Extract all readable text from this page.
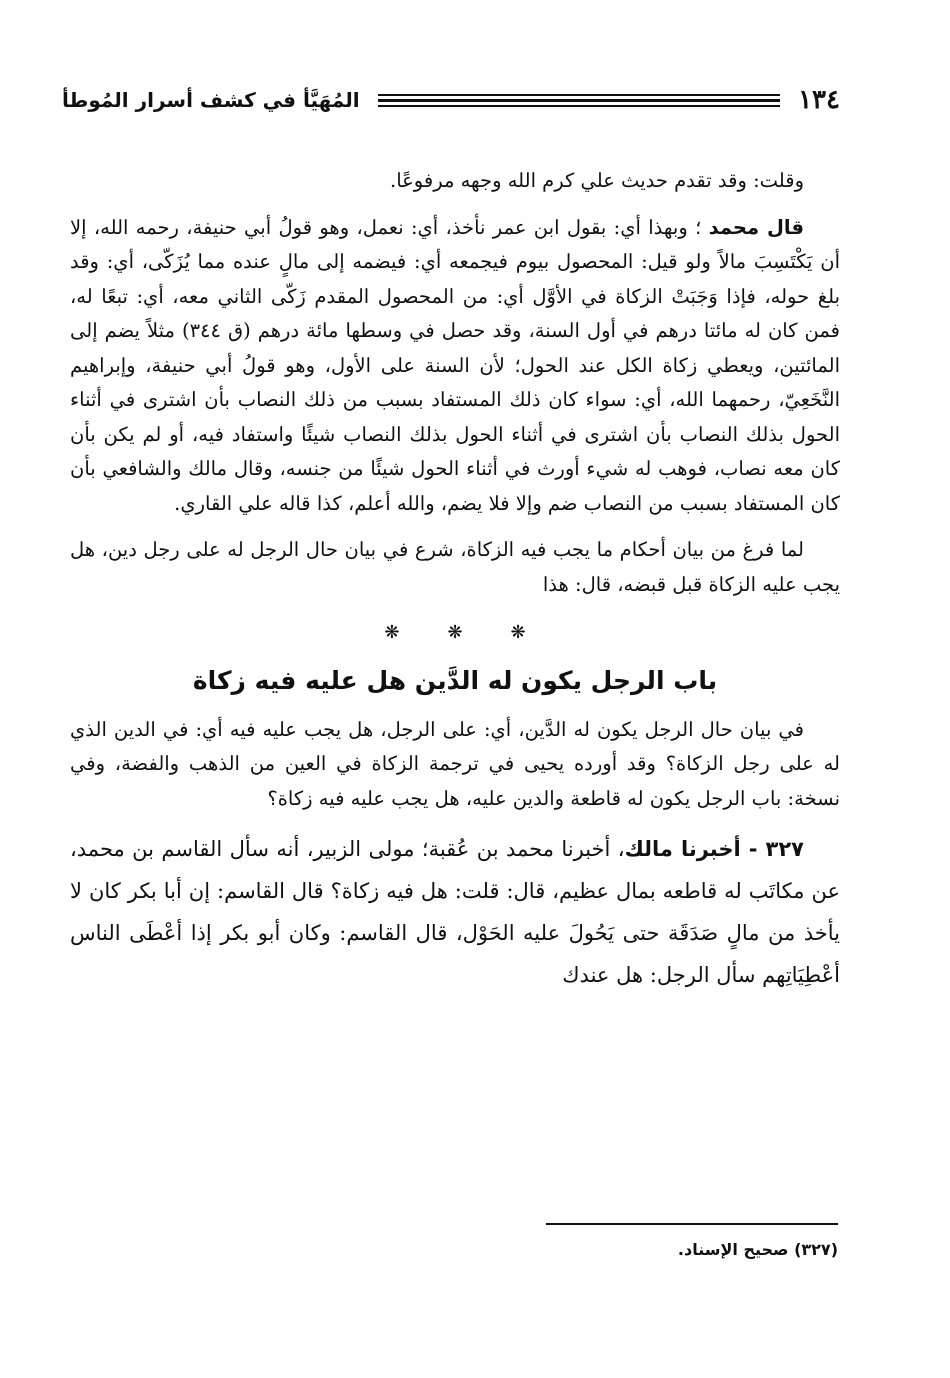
١٣٤
المُهَيَّأ في كشف أسرار المُوطأ

وقلت: وقد تقدم حديث علي كرم الله وجهه مرفوعًا.

قال محمد ؛ وبهذا أي: بقول ابن عمر نأخذ، أي: نعمل، وهو قولُ أبي حنيفة، رحمه الله، إلا أن يَكْتَسِبَ مالاً ولو قيل: المحصول بيوم فيجمعه أي: فيضمه إلى مالٍ عنده مما يُزَكّى، أي: وقد بلغ حوله، فإذا وَجَبَتْ الزكاة في الأوَّل أي: من المحصول المقدم زَكّى الثاني معه، أي: تبعًا له، فمن كان له مائتا درهم في أول السنة، وقد حصل في وسطها مائة درهم (ق ٣٤٤) مثلاً يضم إلى المائتين، ويعطي زكاة الكل عند الحول؛ لأن السنة على الأول، وهو قولُ أبي حنيفة، وإبراهيم النَّخَعِيّ، رحمهما الله، أي: سواء كان ذلك المستفاد بسبب من ذلك النصاب بأن اشترى في أثناء الحول بذلك النصاب بأن اشترى في أثناء الحول بذلك النصاب شيئًا واستفاد فيه، أو لم يكن بأن كان معه نصاب، فوهب له شيء أورث في أثناء الحول شيئًا من جنسه، وقال مالك والشافعي بأن كان المستفاد بسبب من النصاب ضم وإلا فلا يضم، والله أعلم، كذا قاله علي القاري.

لما فرغ من بيان أحكام ما يجب فيه الزكاة، شرع في بيان حال الرجل له على رجل دين، هل يجب عليه الزكاة قبل قبضه، قال: هذا

❋	❋	❋
باب الرجل يكون له الدَّين هل عليه فيه زكاة

في بيان حال الرجل يكون له الدَّين، أي: على الرجل، هل يجب عليه فيه أي: في الدين الذي له على رجل الزكاة؟ وقد أورده يحيى في ترجمة الزكاة في العين من الذهب والفضة، وفي نسخة: باب الرجل يكون له قاطعة والدين عليه، هل يجب عليه فيه زكاة؟

٣٢٧ - أخبرنا مالك، أخبرنا محمد بن عُقبة؛ مولى الزبير، أنه سأل القاسم بن محمد، عن مكاتَب له قاطعه بمال عظيم، قال: قلت: هل فيه زكاة؟ قال القاسم: إن أبا بكر كان لا يأخذ من مالٍ صَدَقَة حتى يَحُولَ عليه الحَوْل، قال القاسم: وكان أبو بكر إذا أعْطَى الناس أعْطِيَاتِهم سأل الرجل: هل عندك

(٣٢٧) صحيح الإسناد.
